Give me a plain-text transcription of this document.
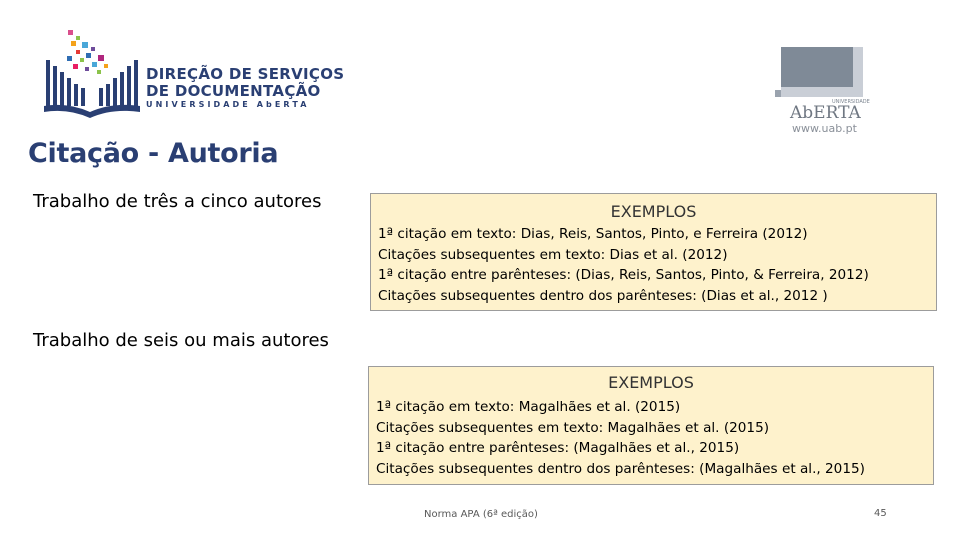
DIREÇÃO DE SERVIÇOS
DE DOCUMENTAÇÃO
UNIVERSIDADE AbERTA	UNIVERSIDADE
AbERTA
www.uab.pt
Citação - Autoria
Trabalho de três a cinco autores	EXEMPLOS
1ª citação em texto: Dias, Reis, Santos, Pinto, e Ferreira (2012)
Citações subsequentes em texto: Dias et al. (2012)
1ª citação entre parênteses: (Dias, Reis, Santos, Pinto, & Ferreira, 2012)
Citações subsequentes dentro dos parênteses: (Dias et al., 2012 )
Trabalho de seis ou mais autores
EXEMPLOS
1ª citação em texto: Magalhães et al. (2015)
Citações subsequentes em texto: Magalhães et al. (2015)
1ª citação entre parênteses: (Magalhães et al., 2015)
Citações subsequentes dentro dos parênteses: (Magalhães et al., 2015)
Norma APA (6ª edição)	45
